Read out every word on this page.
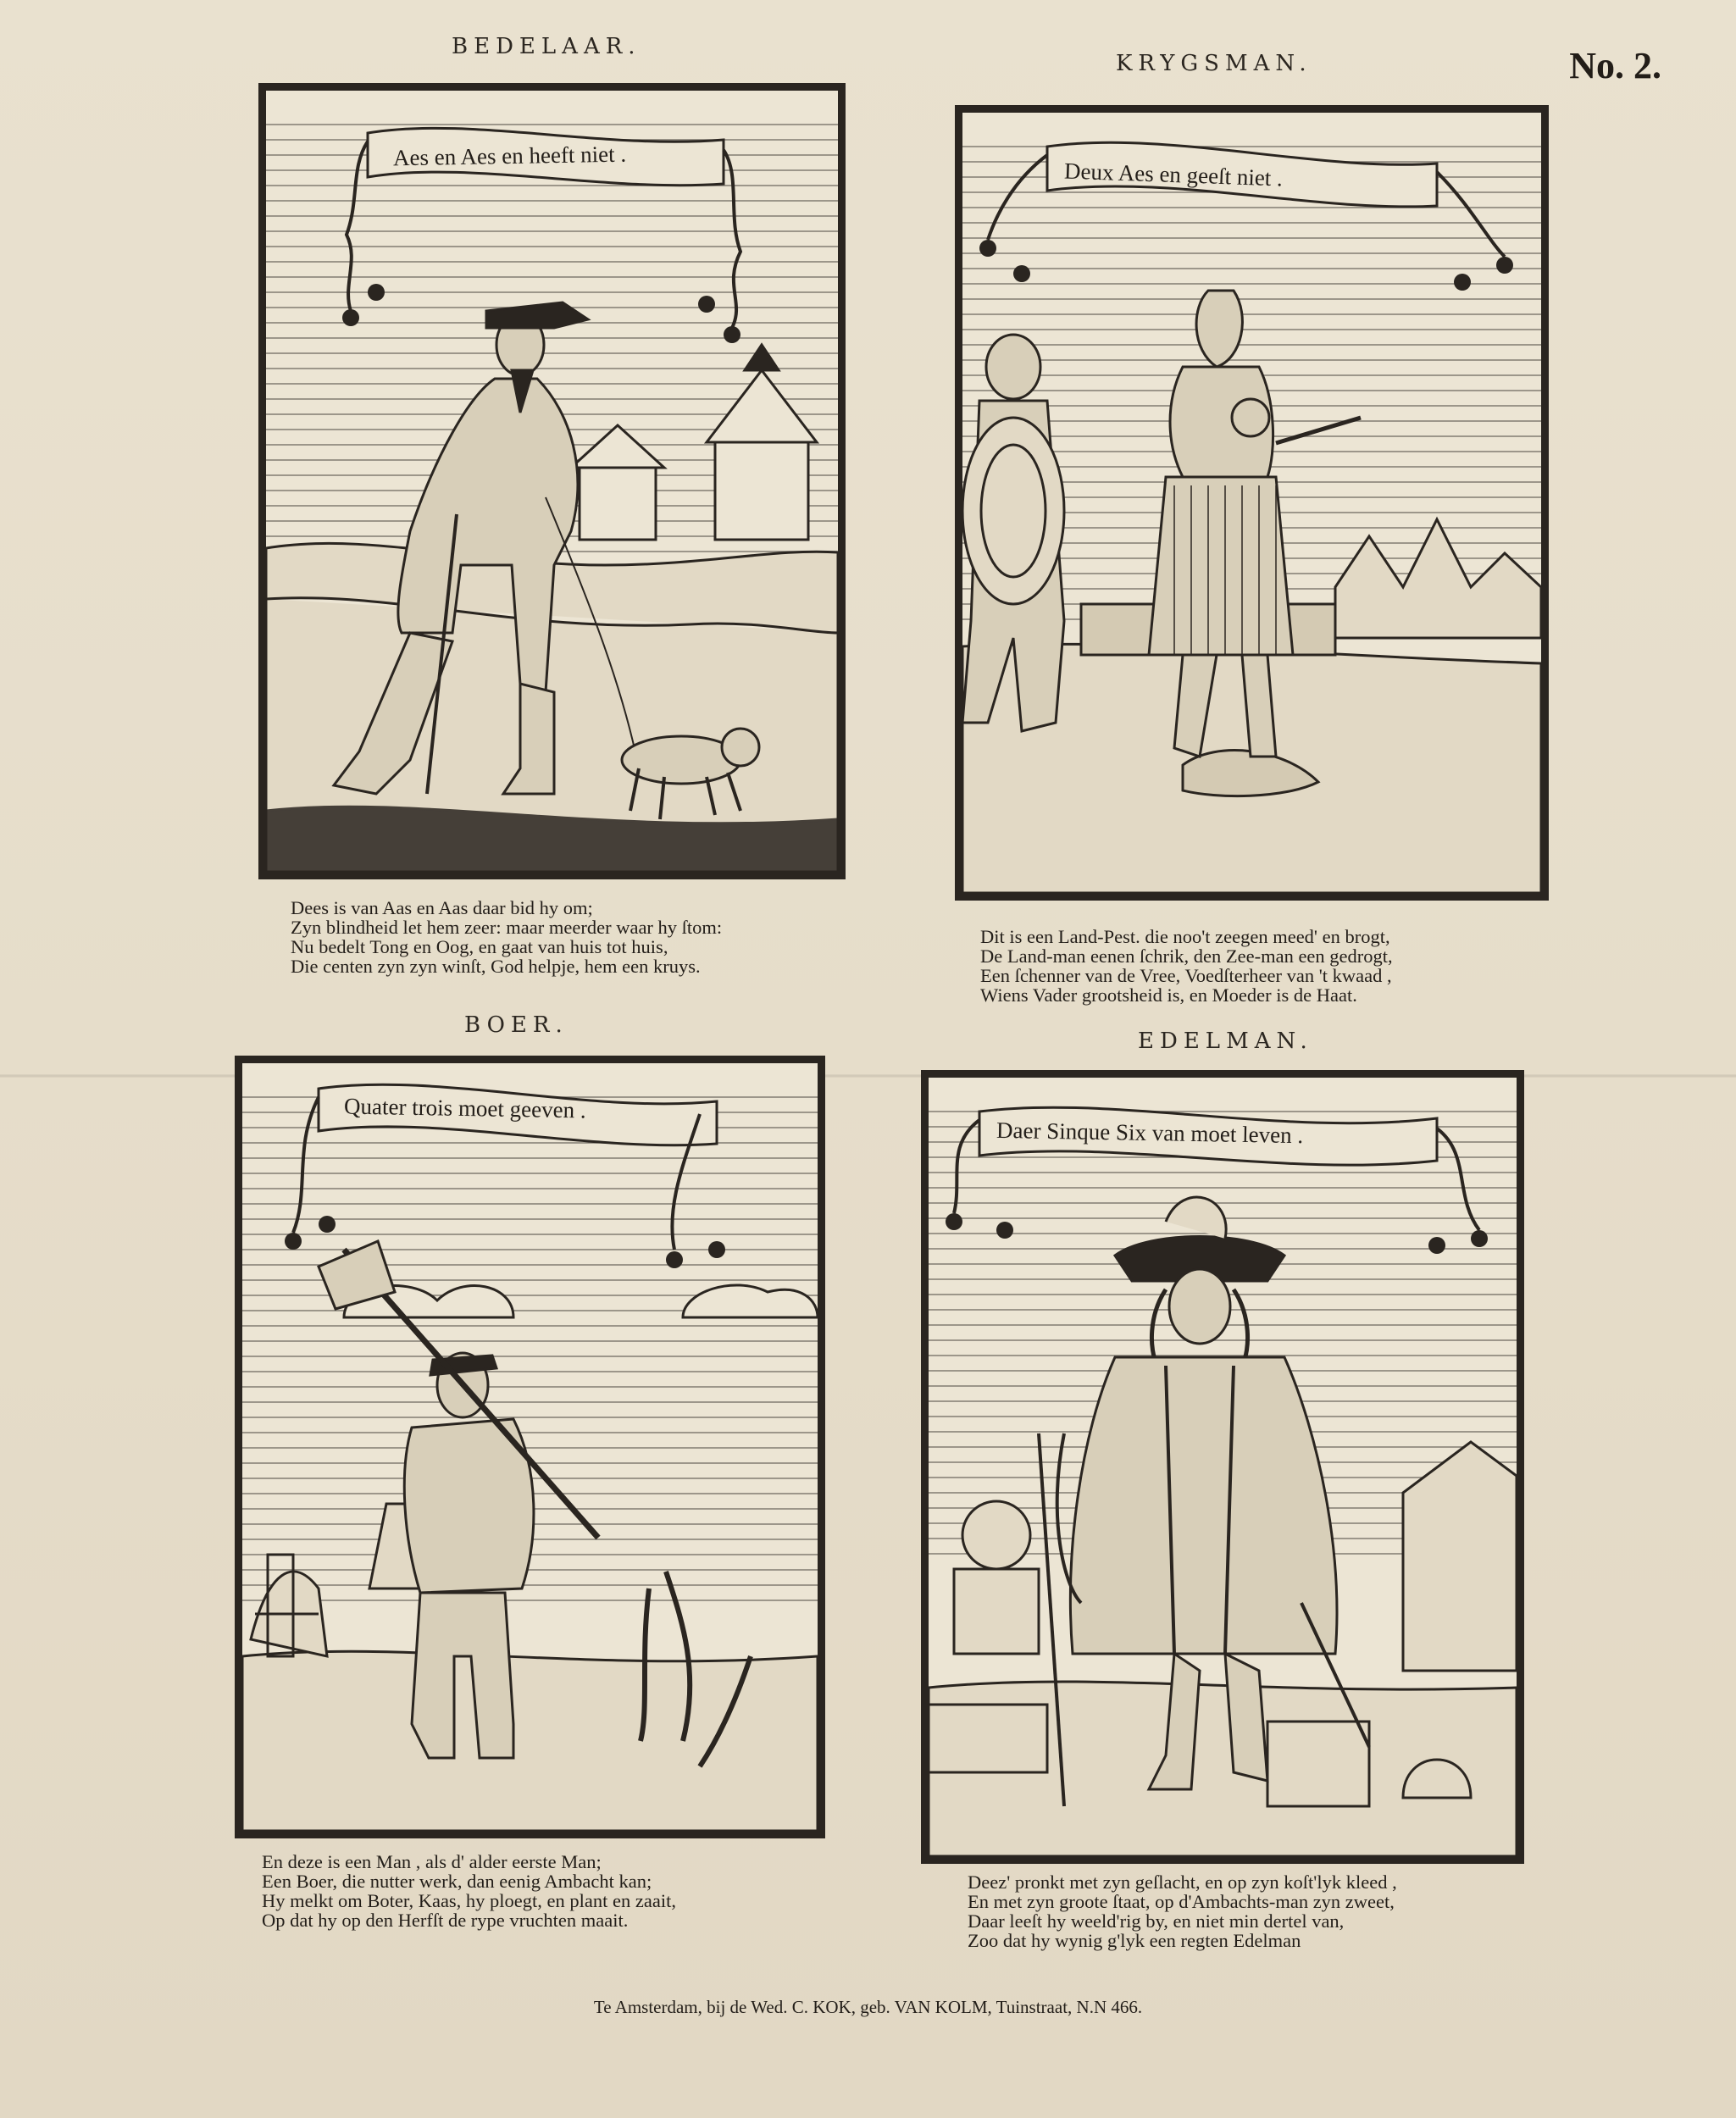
BEDELAAR.
KRYGSMAN.	No. 2.
BOER.
EDELMAN.
Aes en Aes en heeft niet .
Deux Aes en geeſt niet .
Quater trois moet geeven .
Daer Sinque Six van moet leven .
Dees is van Aas en Aas daar bid hy om;
Zyn blindheid let hem zeer: maar meerder waar hy ſtom:
Nu bedelt Tong en Oog, en gaat van huis tot huis,
Die centen zyn zyn winſt, God helpje, hem een kruys.
Dit is een Land-Pest. die noo't zeegen meed' en brogt,
De Land-man eenen ſchrik, den Zee-man een gedrogt,
Een ſchenner van de Vree, Voedſterheer van 't kwaad ,
Wiens Vader grootsheid is, en Moeder is de Haat.
En deze is een Man , als d' alder eerste Man;
Een Boer, die nutter werk, dan eenig Ambacht kan;
Hy melkt om Boter, Kaas, hy ploegt, en plant en zaait,
Op dat hy op den Herfſt de rype vruchten maait.
Deez' pronkt met zyn geſlacht, en op zyn koſt'lyk kleed ,
En met zyn groote ſtaat, op d'Ambachts-man zyn zweet,
Daar leeſt hy weeld'rig by, en niet min dertel van,
Zoo dat hy wynig g'lyk een regten Edelman
Te Amsterdam, bij de Wed. C. KOK, geb. VAN KOLM, Tuinstraat, N.N 466.
